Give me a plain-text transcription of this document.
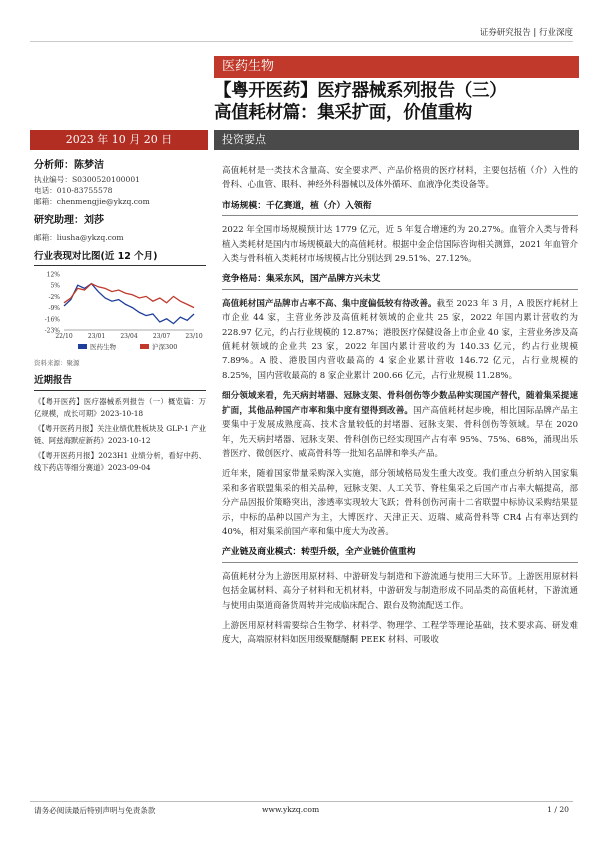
证券研究报告 | 行业深度
医药生物
【粤开医药】医疗器械系列报告（三）
高值耗材篇：集采扩面，价值重构
2023 年 10 月 20 日	投资要点
分析师：陈梦洁
执业编号：S0300520100001
电话：010-83755578
邮箱：chenmengjie@ykzq.com
研究助理：刘莎
邮箱：liusha@ykzq.com
行业表现对比图(近 12 个月)
12%
5%
-2%
-9%
-16%
-23%
22/10	23/01	23/04	23/07	23/10
医药生物	沪深300
资料来源：聚源
近期报告
《【粤开医药】医疗器械系列报告（一）概览篇：万亿规模，成长可期》2023-10-18
《【粤开医药月报】关注业绩优胜板块及 GLP-1 产业链、阿兹海默症新药》2023-10-12
《【粤开医药月报】2023H1 业绩分析，看好中药、线下药店等细分赛道》2023-09-04

高值耗材是一类技术含量高、安全要求严、产品价格贵的医疗材料，主要包括植（介）入性的骨科、心血管、眼科、神经外科器械以及体外循环、血液净化类设备等。

市场规模：千亿赛道，植（介）入领衔

2022 年全国市场规模预计达 1779 亿元，近 5 年复合增速约为 20.27%。血管介入类与骨科植入类耗材是国内市场规模最大的高值耗材。根据中金企信国际咨询相关测算，2021 年血管介入类与骨科植入类耗材市场规模占比分别达到 29.51%、27.12%。

竞争格局：集采东风，国产品牌方兴未艾

高值耗材国产品牌市占率不高、集中度偏低较有待改善。截至 2023 年 3 月，A 股医疗耗材上市企业 44 家，主营业务涉及高值耗材领域的企业共 25 家，2022 年国内累计营收约为 228.97 亿元，约占行业规模的 12.87%；港股医疗保健设备上市企业 40 家，主营业务涉及高值耗材领域的企业共 23 家，2022 年国内累计营收约为 140.33 亿元，约占行业规模 7.89%。A 股、港股国内营收最高的 4 家企业累计营收 146.72 亿元，占行业规模的 8.25%，国内营收最高的 8 家企业累计 200.66 亿元，占行业规模 11.28%。

细分领域来看，先天病封堵器、冠脉支架、骨科创伤等少数品种实现国产替代，随着集采提速扩面，其他品种国产市率和集中度有望得到改善。国产高值耗材起步晚，相比国际品牌产品主要集中于发展成熟度高、技术含量较低的封堵器、冠脉支架、骨科创伤等领域。早在 2020 年，先天病封堵器、冠脉支架、骨科创伤已经实现国产占有率 95%、75%、68%，涌现出乐普医疗、微创医疗、威高骨科等一批知名品牌和拳头产品。

近年来，随着国家带量采购深入实施，部分领域格局发生重大改变。我们重点分析纳入国家集采和多省联盟集采的相关品种，冠脉支架、人工关节、脊柱集采之后国产市占率大幅提高，部分产品因报价策略突出，渗透率实现较大飞跃；骨科创伤河南十二省联盟中标协议采购结果显示，中标的品种以国产为主，大博医疗、天津正天、迈瑞、威高骨科等 CR4 占有率达到约 40%，相对集采前国产率和集中度大为改善。

产业链及商业模式：转型升级，全产业链价值重构

高值耗材分为上游医用原材料、中游研发与制造和下游流通与使用三大环节。上游医用原材料包括金属材料、高分子材料和无机材料，中游研发与制造形成不同品类的高值耗材，下游流通与使用由渠道商备货周转并完成临床配合、跟台及物流配送工作。

上游医用原材料需要综合生物学、材料学、物理学、工程学等理论基础，技术要求高、研发难度大，高端原材料如医用级聚醚醚酮 PEEK 材料、可吸收

请务必阅读最后特别声明与免责条款	www.ykzq.com	1 / 20
